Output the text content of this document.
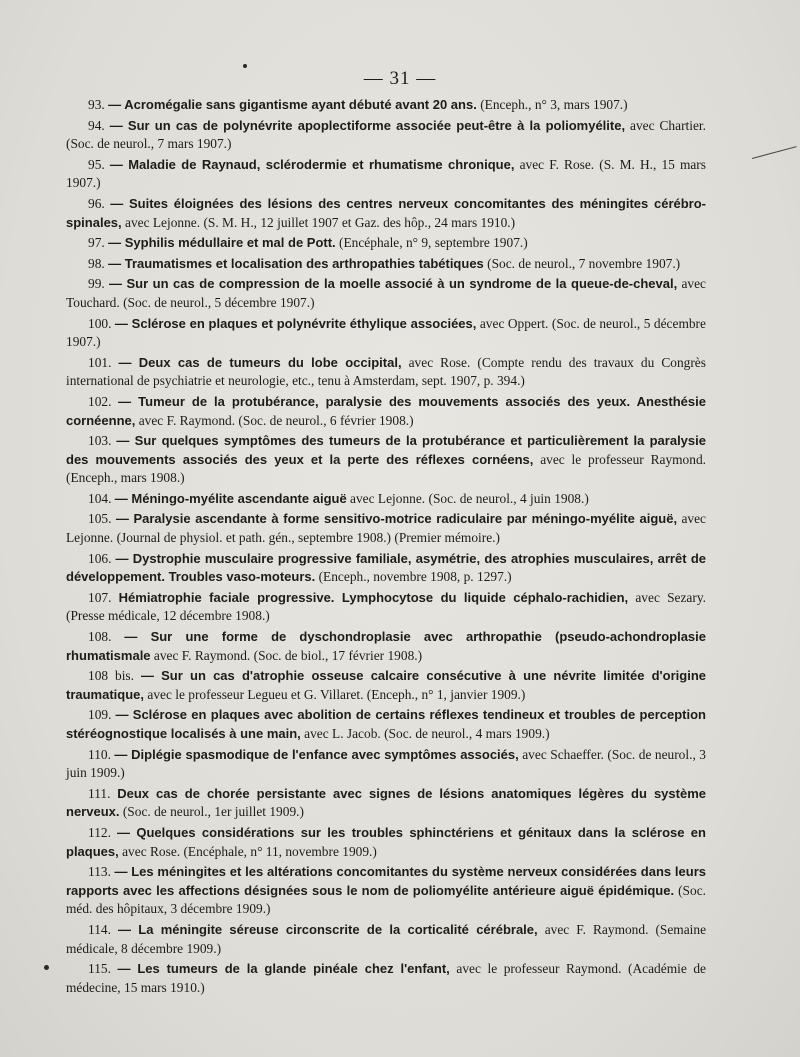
— 31 —

93. — Acromégalie sans gigantisme ayant débuté avant 20 ans. (Enceph., n° 3, mars 1907.)

94. — Sur un cas de polynévrite apoplectiforme associée peut-être à la poliomyélite, avec Chartier. (Soc. de neurol., 7 mars 1907.)

95. — Maladie de Raynaud, sclérodermie et rhumatisme chronique, avec F. Rose. (S. M. H., 15 mars 1907.)

96. — Suites éloignées des lésions des centres nerveux concomitantes des méningites cérébro-spinales, avec Lejonne. (S. M. H., 12 juillet 1907 et Gaz. des hôp., 24 mars 1910.)

97. — Syphilis médullaire et mal de Pott. (Encéphale, n° 9, septembre 1907.)

98. — Traumatismes et localisation des arthropathies tabétiques (Soc. de neurol., 7 novembre 1907.)

99. — Sur un cas de compression de la moelle associé à un syndrome de la queue-de-cheval, avec Touchard. (Soc. de neurol., 5 décembre 1907.)

100. — Sclérose en plaques et polynévrite éthylique associées, avec Oppert. (Soc. de neurol., 5 décembre 1907.)

101. — Deux cas de tumeurs du lobe occipital, avec Rose. (Compte rendu des travaux du Congrès international de psychiatrie et neurologie, etc., tenu à Amsterdam, sept. 1907, p. 394.)

102. — Tumeur de la protubérance, paralysie des mouvements associés des yeux. Anesthésie cornéenne, avec F. Raymond. (Soc. de neurol., 6 février 1908.)

103. — Sur quelques symptômes des tumeurs de la protubérance et particulièrement la paralysie des mouvements associés des yeux et la perte des réflexes cornéens, avec le professeur Raymond. (Enceph., mars 1908.)

104. — Méningo-myélite ascendante aiguë avec Lejonne. (Soc. de neurol., 4 juin 1908.)

105. — Paralysie ascendante à forme sensitivo-motrice radiculaire par méningo-myélite aiguë, avec Lejonne. (Journal de physiol. et path. gén., septembre 1908.) (Premier mémoire.)

106. — Dystrophie musculaire progressive familiale, asymétrie, des atrophies musculaires, arrêt de développement. Troubles vaso-moteurs. (Enceph., novembre 1908, p. 1297.)

107. Hémiatrophie faciale progressive. Lymphocytose du liquide céphalo-rachidien, avec Sezary. (Presse médicale, 12 décembre 1908.)

108. — Sur une forme de dyschondroplasie avec arthropathie (pseudo-achondroplasie rhumatismale avec F. Raymond. (Soc. de biol., 17 février 1908.)

108 bis. — Sur un cas d'atrophie osseuse calcaire consécutive à une névrite limitée d'origine traumatique, avec le professeur Legueu et G. Villaret. (Enceph., n° 1, janvier 1909.)

109. — Sclérose en plaques avec abolition de certains réflexes tendineux et troubles de perception stéréognostique localisés à une main, avec L. Jacob. (Soc. de neurol., 4 mars 1909.)

110. — Diplégie spasmodique de l'enfance avec symptômes associés, avec Schaeffer. (Soc. de neurol., 3 juin 1909.)

111. Deux cas de chorée persistante avec signes de lésions anatomiques légères du système nerveux. (Soc. de neurol., 1er juillet 1909.)

112. — Quelques considérations sur les troubles sphinctériens et génitaux dans la sclérose en plaques, avec Rose. (Encéphale, n° 11, novembre 1909.)

113. — Les méningites et les altérations concomitantes du système nerveux considérées dans leurs rapports avec les affections désignées sous le nom de poliomyélite antérieure aiguë épidémique. (Soc. méd. des hôpitaux, 3 décembre 1909.)

114. — La méningite séreuse circonscrite de la corticalité cérébrale, avec F. Raymond. (Semaine médicale, 8 décembre 1909.)

115. — Les tumeurs de la glande pinéale chez l'enfant, avec le professeur Raymond. (Académie de médecine, 15 mars 1910.)
